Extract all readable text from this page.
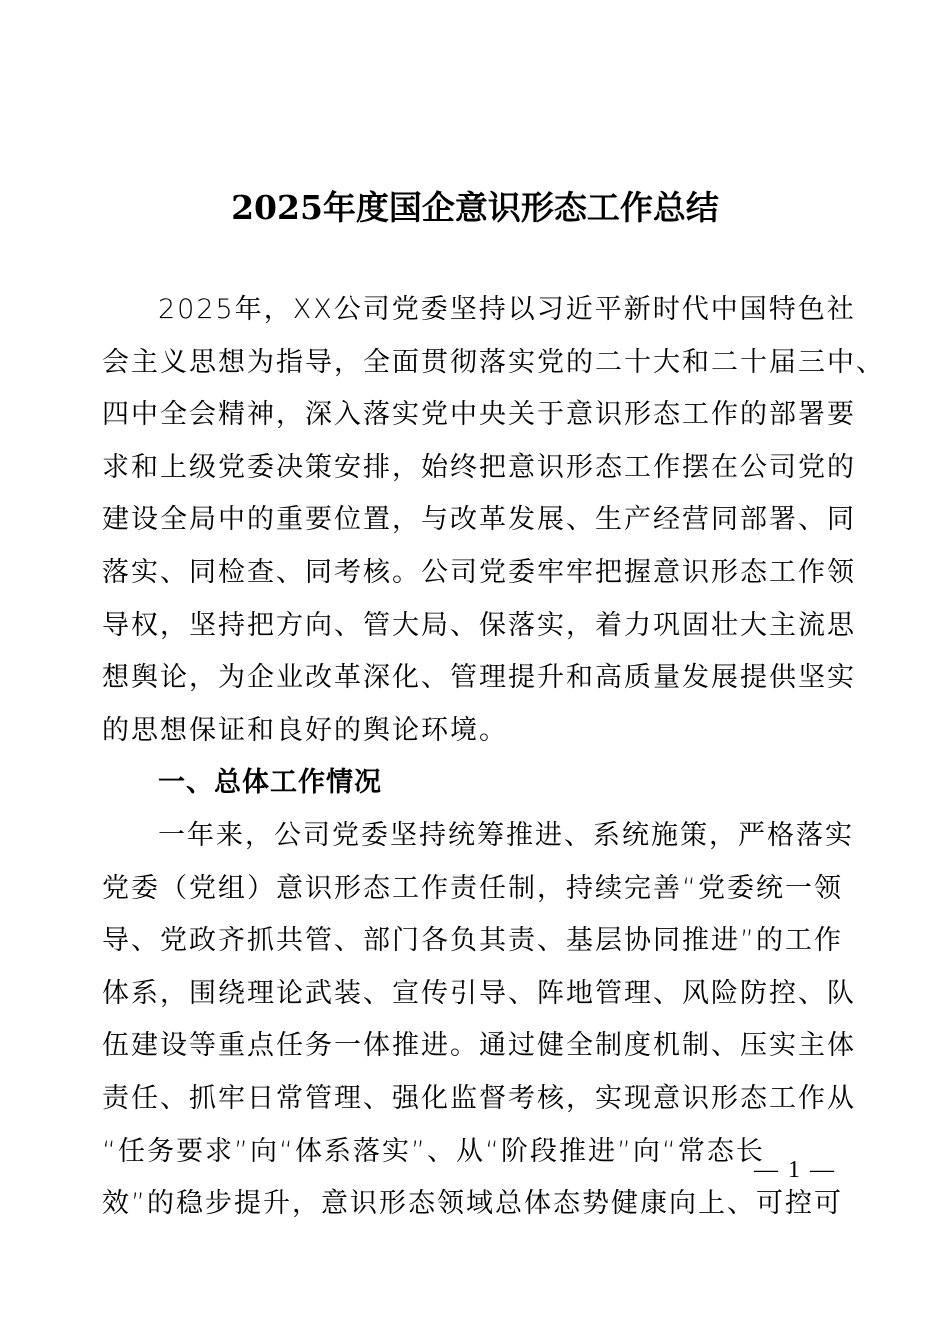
2025年度国企意识形态工作总结
2025年，XX公司党委坚持以习近平新时代中国特色社
会主义思想为指导，全面贯彻落实党的二十大和二十届三中、
四中全会精神，深入落实党中央关于意识形态工作的部署要
求和上级党委决策安排，始终把意识形态工作摆在公司党的
建设全局中的重要位置，与改革发展、生产经营同部署、同
落实、同检查、同考核。公司党委牢牢把握意识形态工作领
导权，坚持把方向、管大局、保落实，着力巩固壮大主流思
想舆论，为企业改革深化、管理提升和高质量发展提供坚实
的思想保证和良好的舆论环境。
一、总体工作情况
一年来，公司党委坚持统筹推进、系统施策，严格落实
党委（党组）意识形态工作责任制，持续完善“党委统一领
导、党政齐抓共管、部门各负其责、基层协同推进”的工作
体系，围绕理论武装、宣传引导、阵地管理、风险防控、队
伍建设等重点任务一体推进。通过健全制度机制、压实主体
责任、抓牢日常管理、强化监督考核，实现意识形态工作从
“任务要求”向“体系落实”、从“阶段推进”向“常态长
效”的稳步提升，意识形态领域总体态势健康向上、可控可
— 1 —
